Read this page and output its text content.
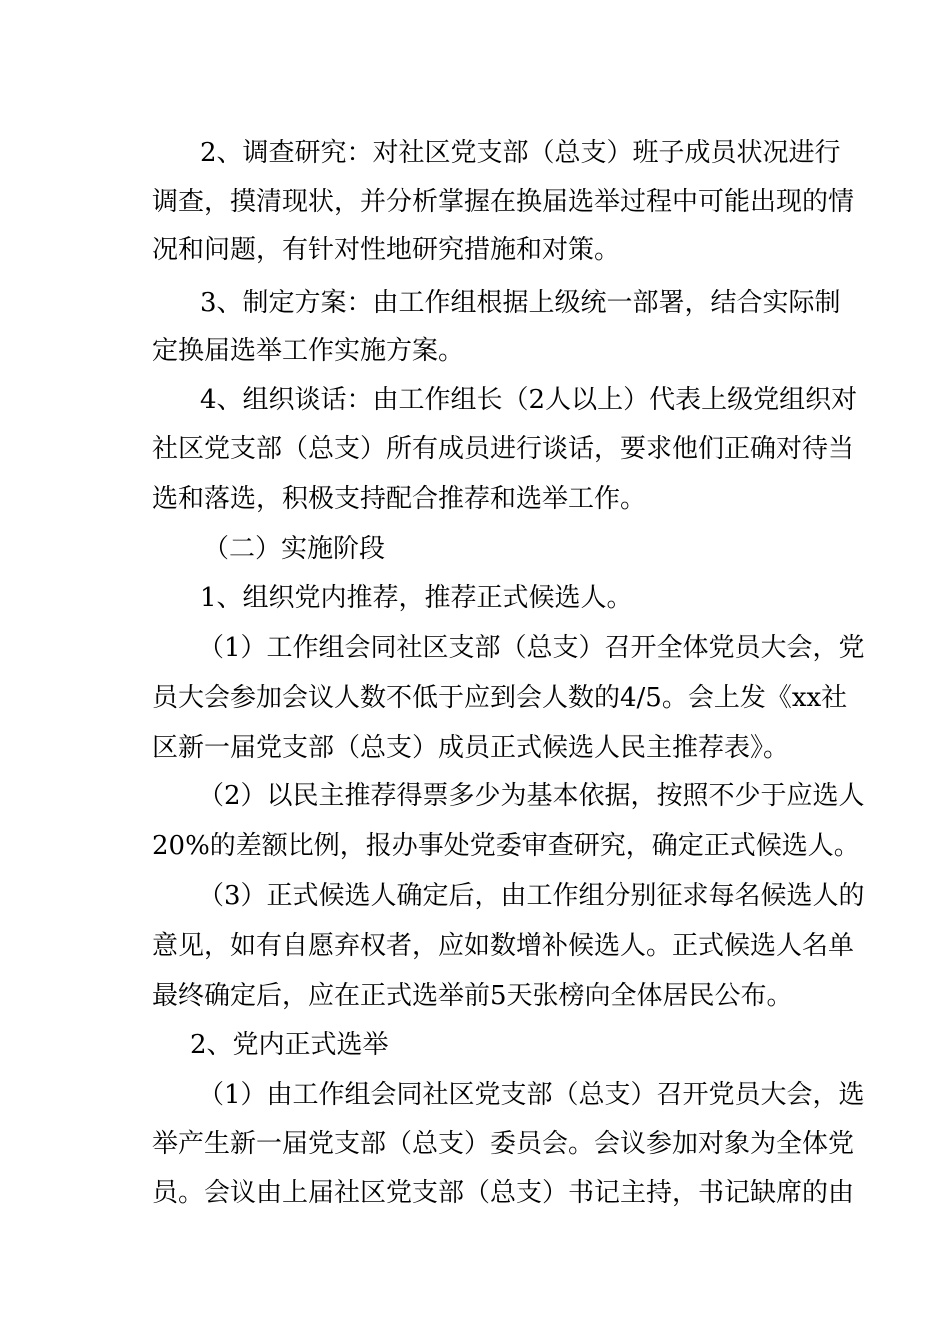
2、调查研究：对社区党支部（总支）班子成员状况进行
调查，摸清现状，并分析掌握在换届选举过程中可能出现的情
况和问题，有针对性地研究措施和对策。
3、制定方案：由工作组根据上级统一部署，结合实际制
定换届选举工作实施方案。
4、组织谈话：由工作组长（2人以上）代表上级党组织对
社区党支部（总支）所有成员进行谈话，要求他们正确对待当
选和落选，积极支持配合推荐和选举工作。
（二）实施阶段
1、组织党内推荐，推荐正式候选人。
（1）工作组会同社区支部（总支）召开全体党员大会，党
员大会参加会议人数不低于应到会人数的4/5。会上发《xx社
区新一届党支部（总支）成员正式候选人民主推荐表》。
（2）以民主推荐得票多少为基本依据，按照不少于应选人
20%的差额比例，报办事处党委审查研究，确定正式候选人。
（3）正式候选人确定后，由工作组分别征求每名候选人的
意见，如有自愿弃权者，应如数增补候选人。正式候选人名单
最终确定后，应在正式选举前5天张榜向全体居民公布。
2、党内正式选举
（1）由工作组会同社区党支部（总支）召开党员大会，选
举产生新一届党支部（总支）委员会。会议参加对象为全体党
员。会议由上届社区党支部（总支）书记主持，书记缺席的由
